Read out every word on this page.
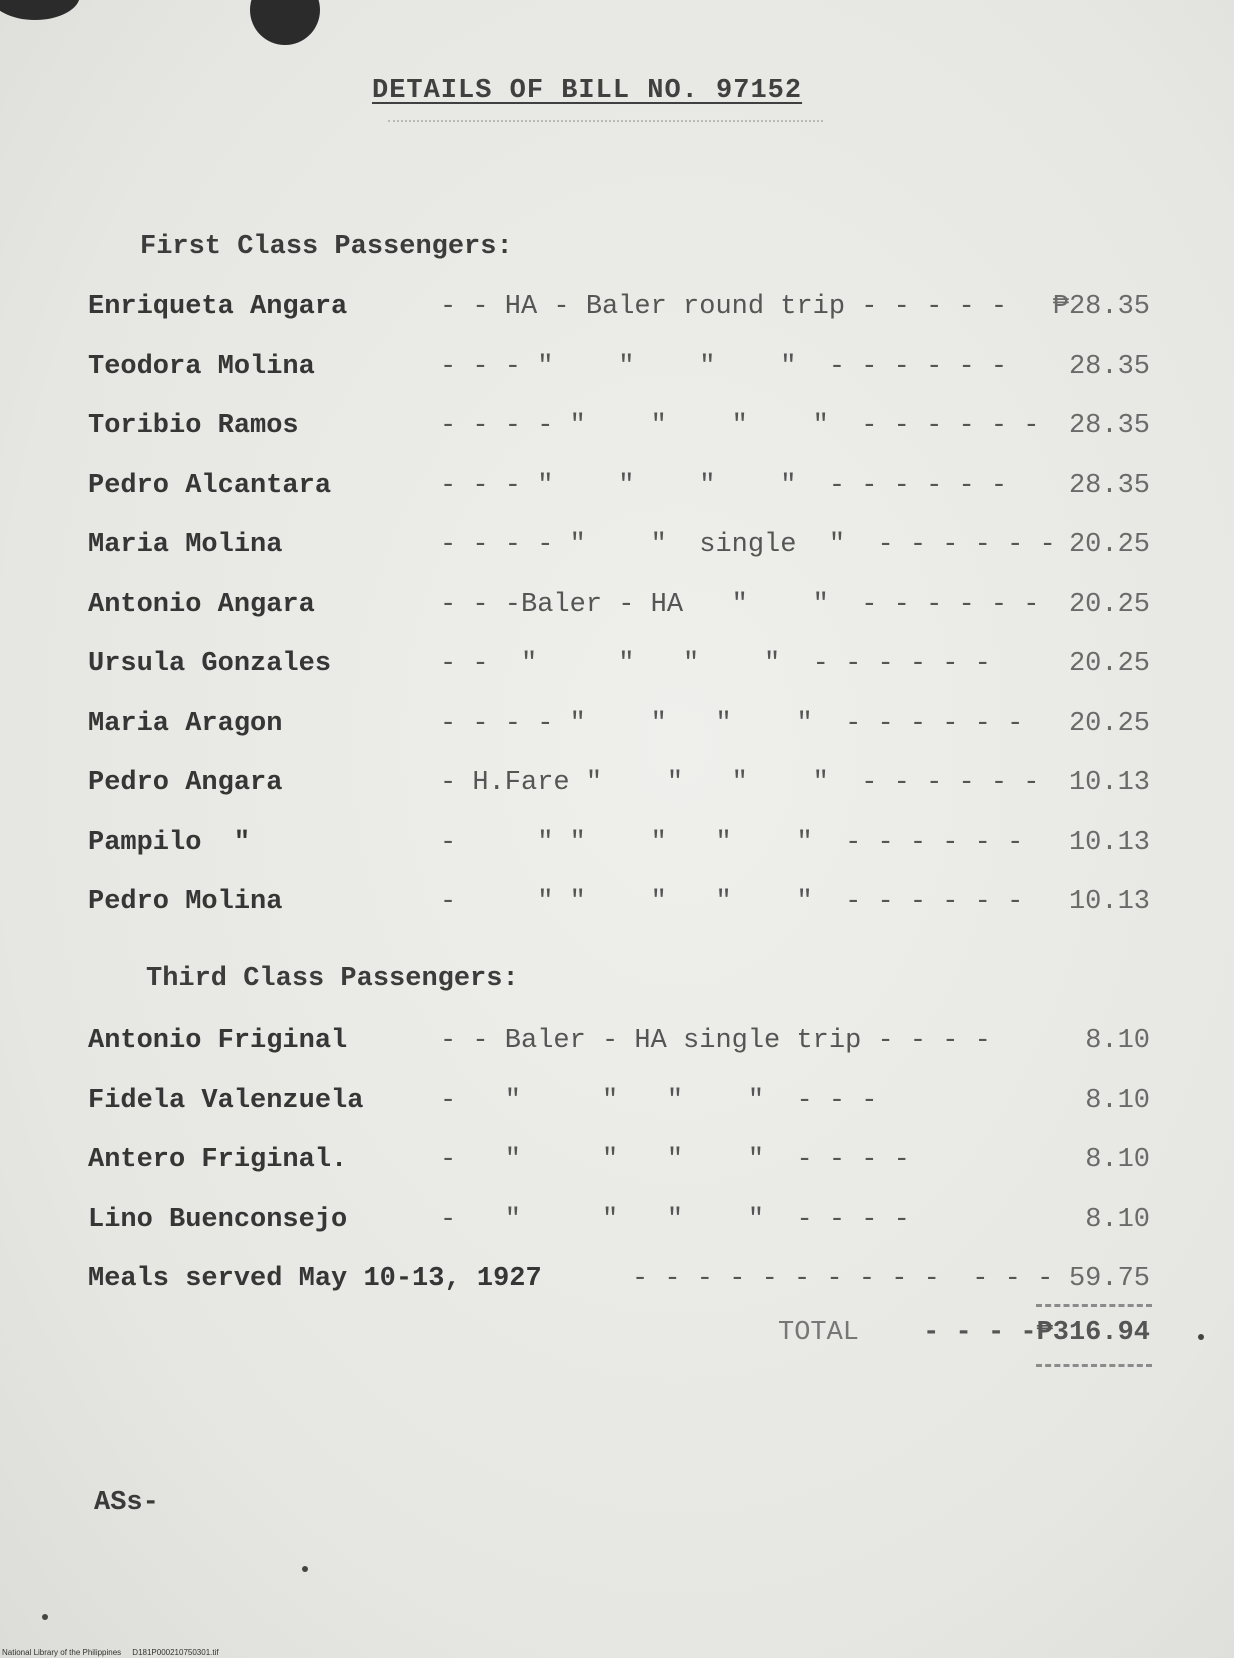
DETAILS OF BILL NO. 97152
First Class Passengers:
Enriqueta Angara	- - HA - Baler round trip - - - - - ₱28.35
Teodora Molina	- - - "    "    "    "  - - - - - - 28.35
Toribio Ramos	- - - - "    "    "    "  - - - - - - 28.35
Pedro Alcantara	- - - "    "    "    "  - - - - - - 28.35
Maria Molina	- - - - "    "  single  "  - - - - - - 20.25
Antonio Angara	- - -Baler - HA   "    "  - - - - - - 20.25
Ursula Gonzales	- -  "     "   "    "  - - - - - -	20.25
Maria Aragon	- - - - "    "   "    "  - - - - - - 20.25
Pedro Angara	- H.Fare "    "   "    "  - - - - - - 10.13
Pampilo  "	-     " "    "   "    "  - - - - - - 10.13
Pedro Molina	-     " "    "   "    "  - - - - - - 10.13
Third Class Passengers:
Antonio Friginal	- - Baler - HA single trip - - - -	8.10
Fidela Valenzuela	-   "     "   "    "  - - -	8.10
Antero Friginal.	-   "     "   "    "  - - - -	8.10
Lino Buenconsejo	-   "     "   "    "  - - - -	8.10
Meals served May 10-13, 1927	- - - - - - - - - -  - - - 59.75
TOTAL - - - -₱316.94
ASs-
National Library of the Philippines     D181P000210750301.tif
